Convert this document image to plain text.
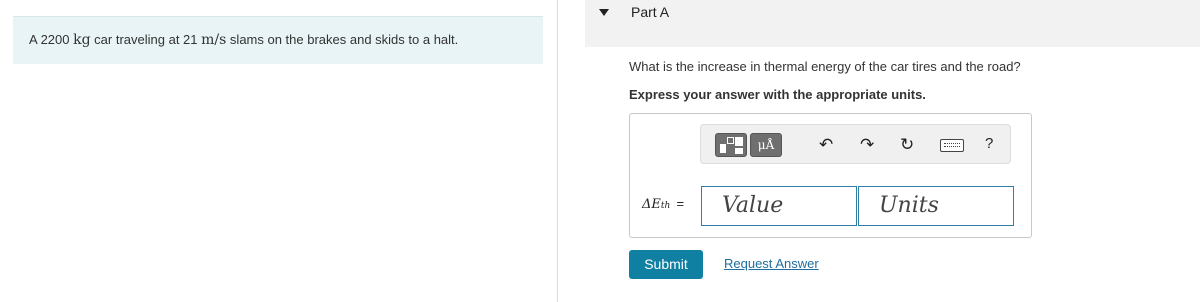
A 2200 kg car traveling at 21 m/s slams on the brakes and skids to a halt.
Part A
What is the increase in thermal energy of the car tires and the road?
Express your answer with the appropriate units.
μÅ	↶ ↷ ↻	?
ΔEth =	Value	Units
Submit	Request Answer
